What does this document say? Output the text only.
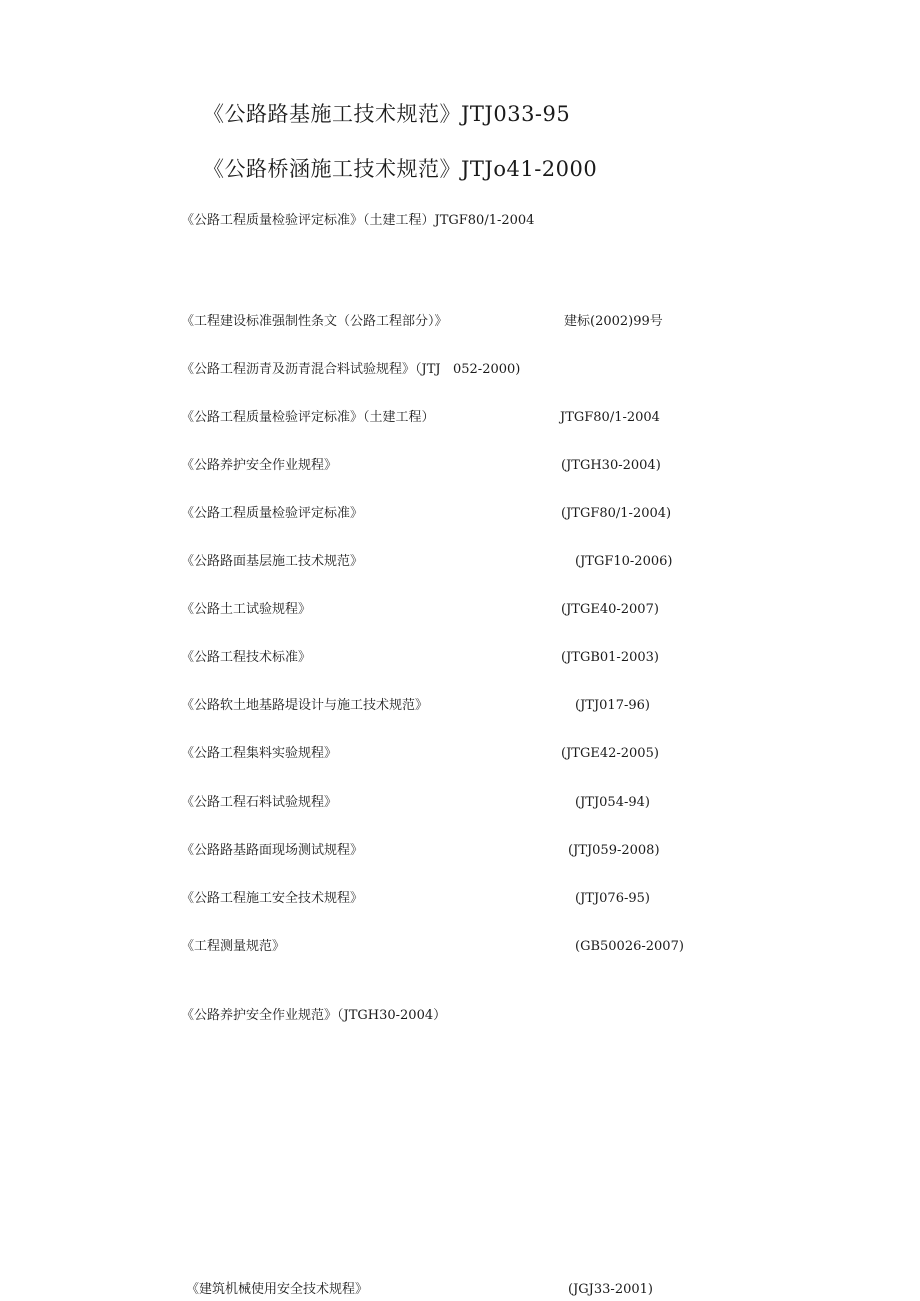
《公路路基施工技术规范》JTJ033-95
《公路桥涵施工技术规范》JTJo41-2000
《公路工程质量检验评定标准》（土建工程）JTGF80/1-2004
《工程建设标准强制性条文（公路工程部分）》	建标(2002)99号
《公路工程沥青及沥青混合料试验规程》（JTJ   052-2000)
《公路工程质量检验评定标准》（土建工程）	JTGF80/1-2004
《公路养护安全作业规程》	(JTGH30-2004)
《公路工程质量检验评定标准》	(JTGF80/1-2004)
《公路路面基层施工技术规范》	(JTGF10-2006)
《公路土工试验规程》	(JTGE40-2007)
《公路工程技术标准》	(JTGB01-2003)
《公路软土地基路堤设计与施工技术规范》	(JTJ017-96)
《公路工程集料实验规程》	(JTGE42-2005)
《公路工程石料试验规程》	(JTJ054-94)
《公路路基路面现场测试规程》	(JTJ059-2008)
《公路工程施工安全技术规程》	(JTJ076-95)
《工程测量规范》	(GB50026-2007)
《公路养护安全作业规范》（JTGH30-2004）
《建筑机械使用安全技术规程》	(JGJ33-2001)
